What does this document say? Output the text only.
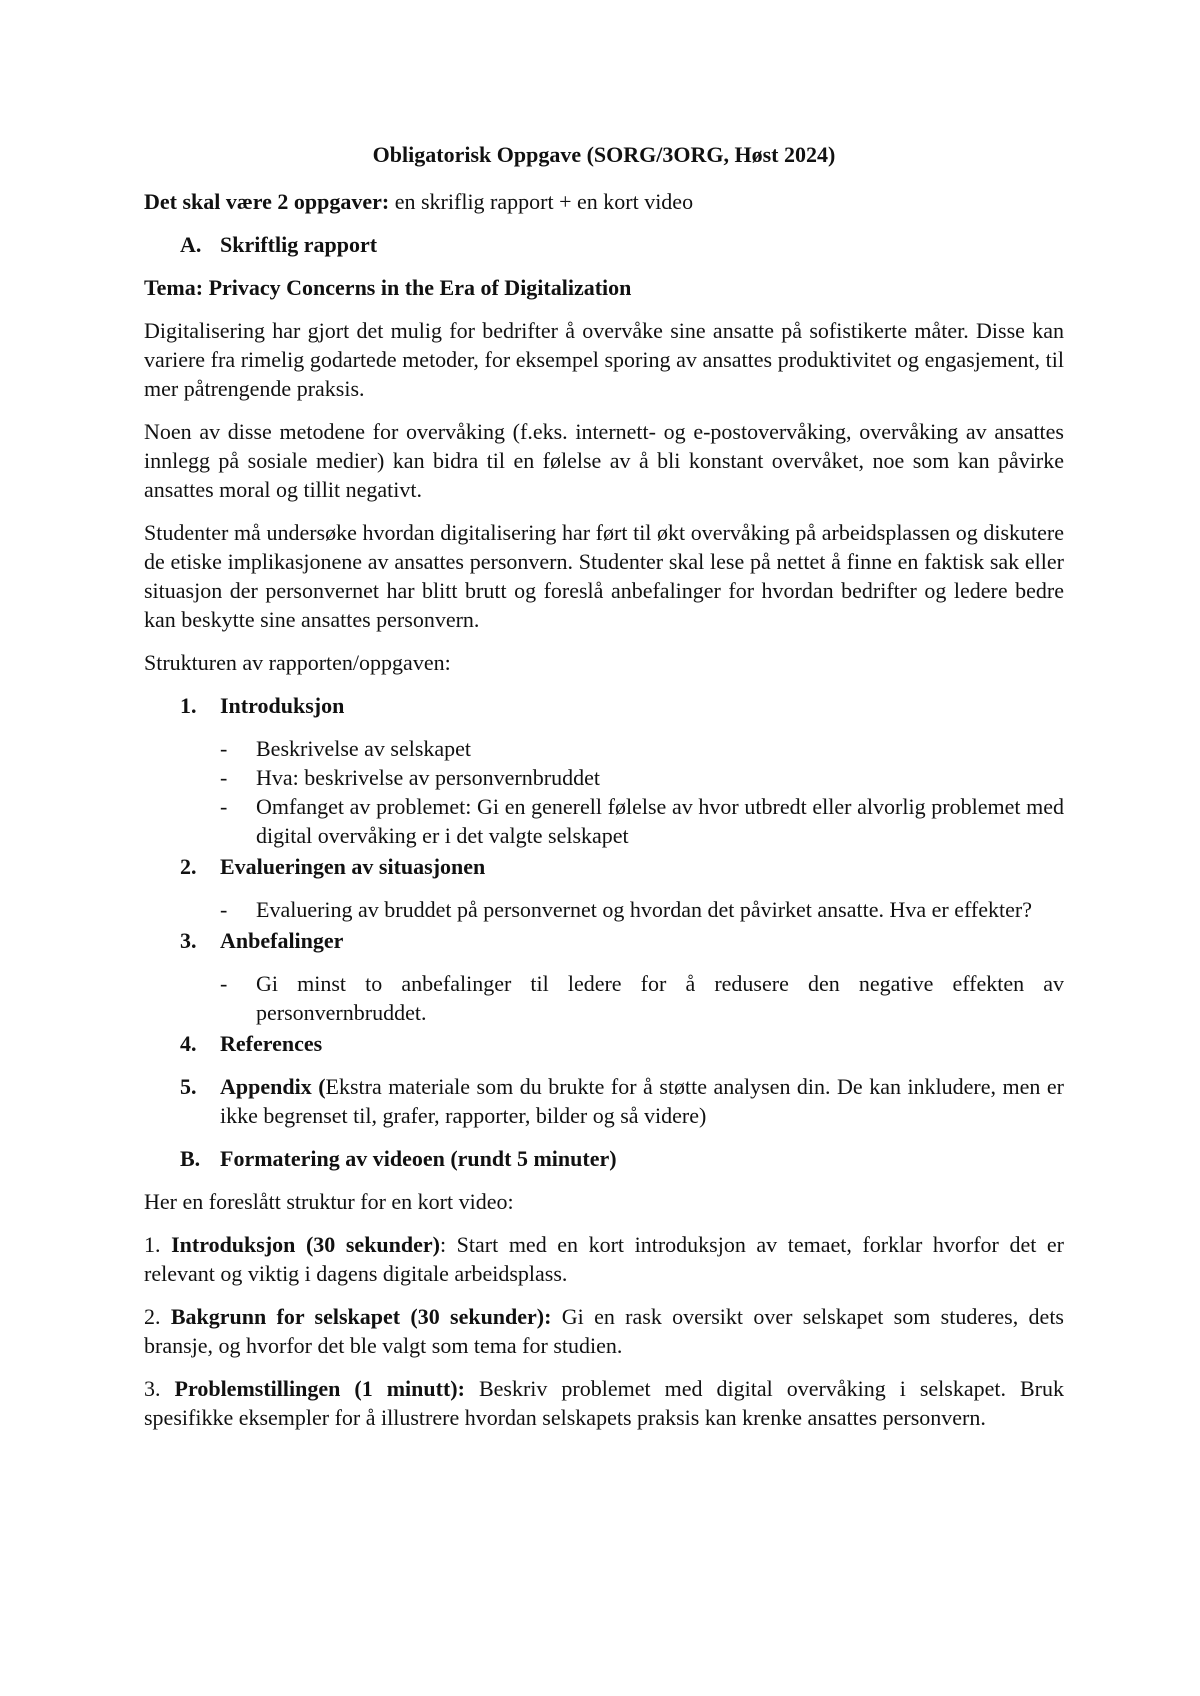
Obligatorisk Oppgave (SORG/3ORG, Høst 2024)

Det skal være 2 oppgaver: en skriflig rapport + en kort video

A. Skriftlig rapport

Tema: Privacy Concerns in the Era of Digitalization

Digitalisering har gjort det mulig for bedrifter å overvåke sine ansatte på sofistikerte måter. Disse kan variere fra rimelig godartede metoder, for eksempel sporing av ansattes produktivitet og engasjement, til mer påtrengende praksis.

Noen av disse metodene for overvåking (f.eks. internett- og e-postovervåking, overvåking av ansattes innlegg på sosiale medier) kan bidra til en følelse av å bli konstant overvåket, noe som kan påvirke ansattes moral og tillit negativt.

Studenter må undersøke hvordan digitalisering har ført til økt overvåking på arbeidsplassen og diskutere de etiske implikasjonene av ansattes personvern. Studenter skal lese på nettet å finne en faktisk sak eller situasjon der personvernet har blitt brutt og foreslå anbefalinger for hvordan bedrifter og ledere bedre kan beskytte sine ansattes personvern.

Strukturen av rapporten/oppgaven:

1.	Introduksjon
-	Beskrivelse av selskapet
-	Hva: beskrivelse av personvernbruddet
-	Omfanget av problemet: Gi en generell følelse av hvor utbredt eller alvorlig problemet med digital overvåking er i det valgte selskapet
2.	Evalueringen av situasjonen
-	Evaluering av bruddet på personvernet og hvordan det påvirket ansatte. Hva er effekter?
3.	Anbefalinger
-	Gi minst to anbefalinger til ledere for å redusere den negative effekten av personvernbruddet.
4.	References
5.	Appendix (Ekstra materiale som du brukte for å støtte analysen din. De kan inkludere, men er ikke begrenset til, grafer, rapporter, bilder og så videre)
B. Formatering av videoen (rundt 5 minuter)

Her en foreslått struktur for en kort video:

1. Introduksjon (30 sekunder): Start med en kort introduksjon av temaet, forklar hvorfor det er relevant og viktig i dagens digitale arbeidsplass.

2. Bakgrunn for selskapet (30 sekunder): Gi en rask oversikt over selskapet som studeres, dets bransje, og hvorfor det ble valgt som tema for studien.

3. Problemstillingen (1 minutt): Beskriv problemet med digital overvåking i selskapet. Bruk spesifikke eksempler for å illustrere hvordan selskapets praksis kan krenke ansattes personvern.
